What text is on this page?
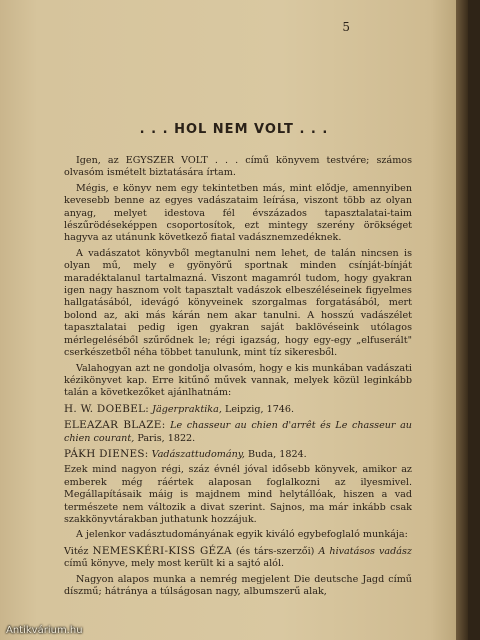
5
. . . HOL NEM VOLT . . .

Igen, az EGYSZER VOLT . . . című könyvem testvére; számos olvasóm ismételt biztatására írtam.

Mégis, e könyv nem egy tekintetben más, mint elődje, amennyiben kevesebb benne az egyes vadászataim leírása, viszont több az olyan anyag, melyet idestova fél évszázados tapasztalatai-taim lészűrödéseképpen csoportosítok, ezt mintegy szerény örökséget hagyva az utánunk következő fiatal vadásznemzedéknek.

A vadászatot könyvből megtanulni nem lehet, de talán nincsen is olyan mű, mely e gyönyörű sportnak minden csínját-bínját maradéktalanul tartalmazná. Viszont magamról tudom, hogy gyakran igen nagy hasznom volt tapasztalt vadászok elbeszéléseinek figyelmes hallgatásából, idevágó könyveinek szorgalmas forgatásából, mert bolond az, aki más kárán nem akar tanulni. A hosszú vadászélet tapasztalatai pedig igen gyakran saját baklövéseink utólagos mérlegeléséből szűrődnek le; régi igazság, hogy egy-egy „elfuserált" cserkészetből néha többet tanulunk, mint tíz sikeresből.

Valahogyan azt ne gondolja olvasóm, hogy e kis munkában vadászati kézikönyvet kap. Erre kitűnő művek vannak, melyek közül leginkább talán a következőket ajánlhatnám:

H. W. DOEBEL: Jägerpraktika, Leipzig, 1746.

ELEAZAR BLAZE: Le chasseur au chien d'arrêt és Le chasseur au chien courant, Paris, 1822.

PÁKH DIENES: Vadászattudomány, Buda, 1824.

Ezek mind nagyon régi, száz évnél jóval idősebb könyvek, amikor az emberek még ráértek alaposan foglalkozni az ilyesmivel. Megállapításaik máig is majdnem mind helytállóak, hiszen a vad természete nem változik a divat szerint. Sajnos, ma már inkább csak szakkönyvtárakban juthatunk hozzájuk.

A jelenkor vadásztudományának egyik kiváló egybefoglaló munkája:

Vitéz NEMESKÉRI-KISS GÉZA (és társ-szerzői) A hivatásos vadász című könyve, mely most került ki a sajtó alól.

Nagyon alapos munka a nemrég megjelent Die deutsche Jagd című díszmű; hátránya a túlságosan nagy, albumszerű alak,

Antikvárium.hu
